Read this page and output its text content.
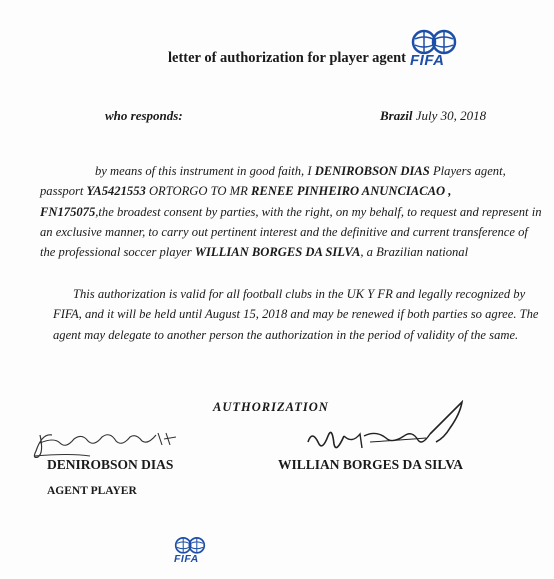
letter of authorization for player agent FIFA
who responds:	Brazil July 30, 2018
by means of this instrument in good faith, I DENIROBSON DIAS Players agent, passport YA5421553 ORTORGO TO MR RENEE PINHEIRO ANUNCIACAO ,
FN175075,the broadest consent by parties, with the right, on my behalf, to request and represent in an exclusive manner, to carry out pertinent interest and the definitive and current transference of the professional soccer player WILLIAN BORGES DA SILVA, a Brazilian national
This authorization is valid for all football clubs in the UK Y FR and legally recognized by FIFA, and it will be held until August 15, 2018 and may be renewed if both parties so agree. The agent may delegate to another person the authorization in the period of validity of the same.
AUTHORIZATION
DENIROBSON DIAS	WILLIAN BORGES DA SILVA
AGENT PLAYER
FIFA
